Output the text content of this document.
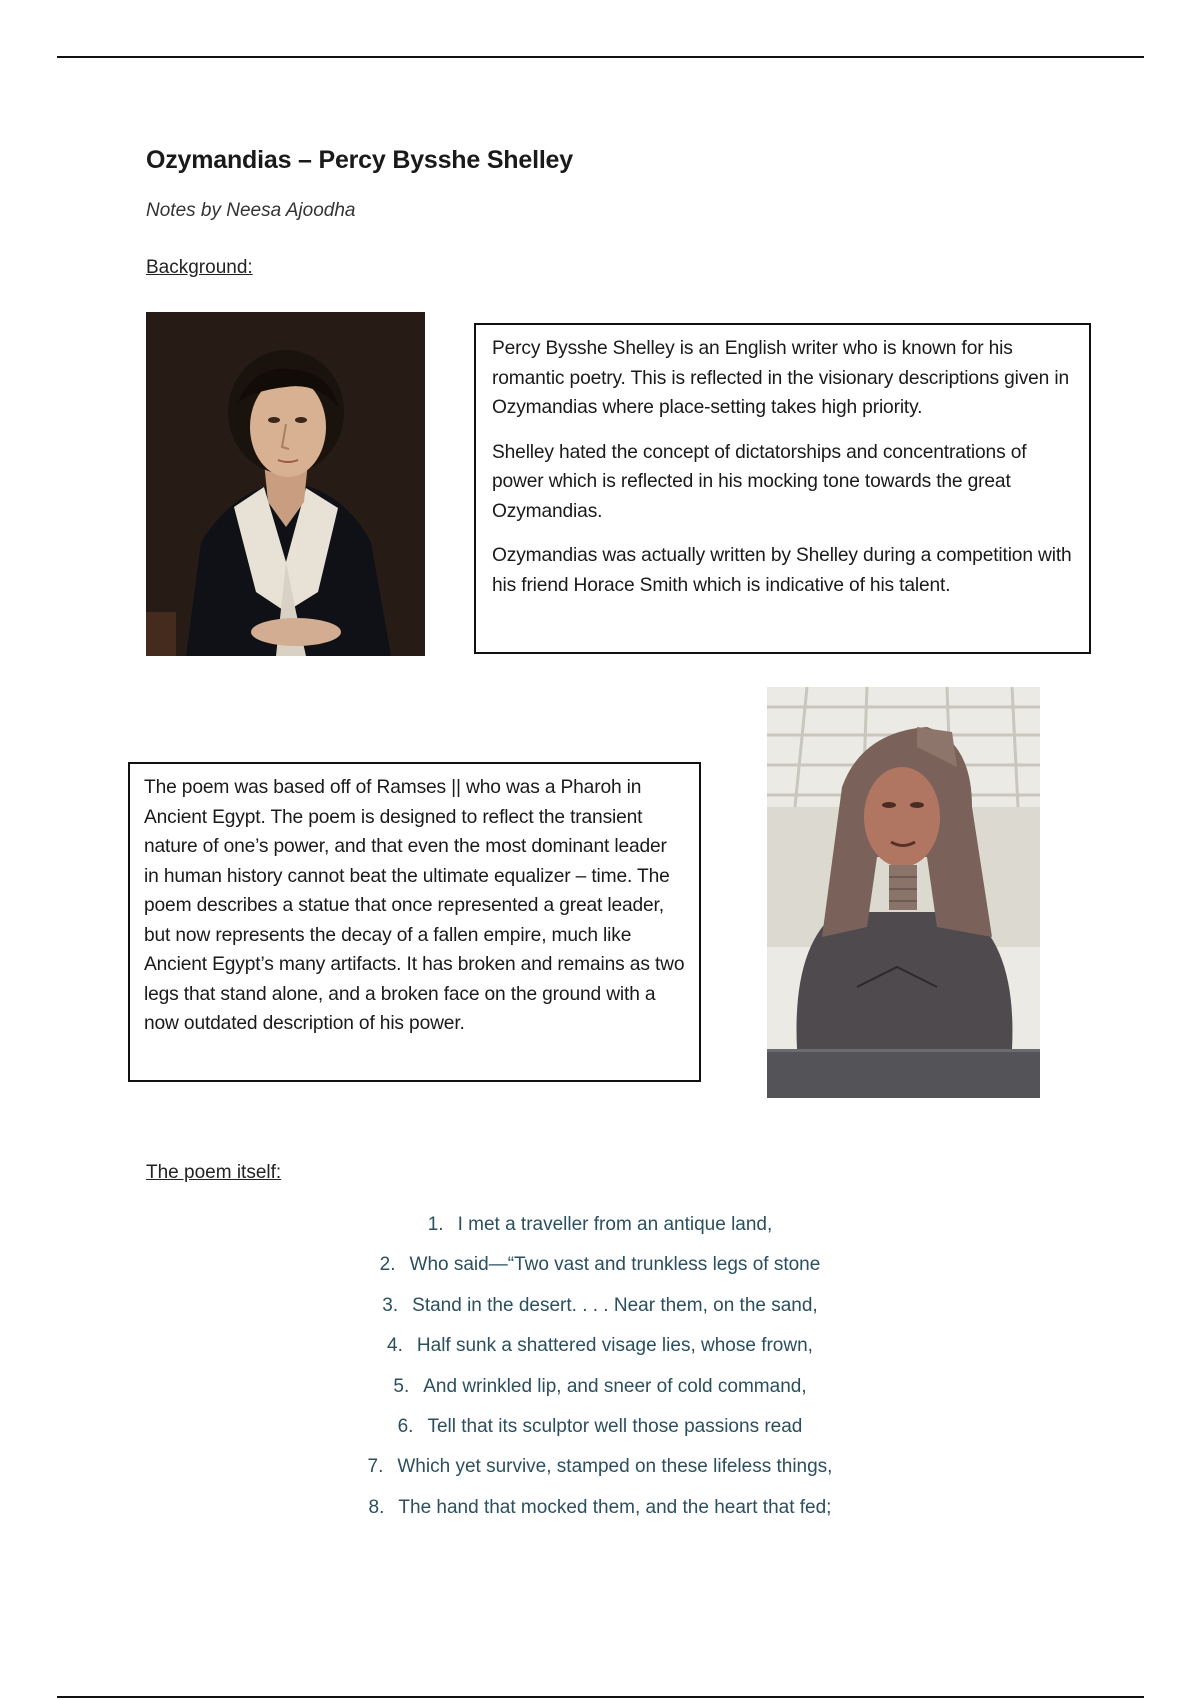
Ozymandias – Percy Bysshe Shelley

Notes by Neesa Ajoodha

Background:

Percy Bysshe Shelley is an English writer who is known for his romantic poetry. This is reflected in the visionary descriptions given in Ozymandias where place-setting takes high priority.

Shelley hated the concept of dictatorships and concentrations of power which is reflected in his mocking tone towards the great Ozymandias.

Ozymandias was actually written by Shelley during a competition with his friend Horace Smith which is indicative of his talent.

The poem was based off of Ramses || who was a Pharoh in Ancient Egypt. The poem is designed to reflect the transient nature of one’s power, and that even the most dominant leader in human history cannot beat the ultimate equalizer – time. The poem describes a statue that once represented a great leader, but now represents the decay of a fallen empire, much like Ancient Egypt’s many artifacts. It has broken and remains as two legs that stand alone, and a broken face on the ground with a now outdated description of his power.

The poem itself:

1. I met a traveller from an antique land,
2. Who said—“Two vast and trunkless legs of stone
3. Stand in the desert. . . . Near them, on the sand,
4. Half sunk a shattered visage lies, whose frown,
5. And wrinkled lip, and sneer of cold command,
6. Tell that its sculptor well those passions read
7. Which yet survive, stamped on these lifeless things,
8. The hand that mocked them, and the heart that fed;
